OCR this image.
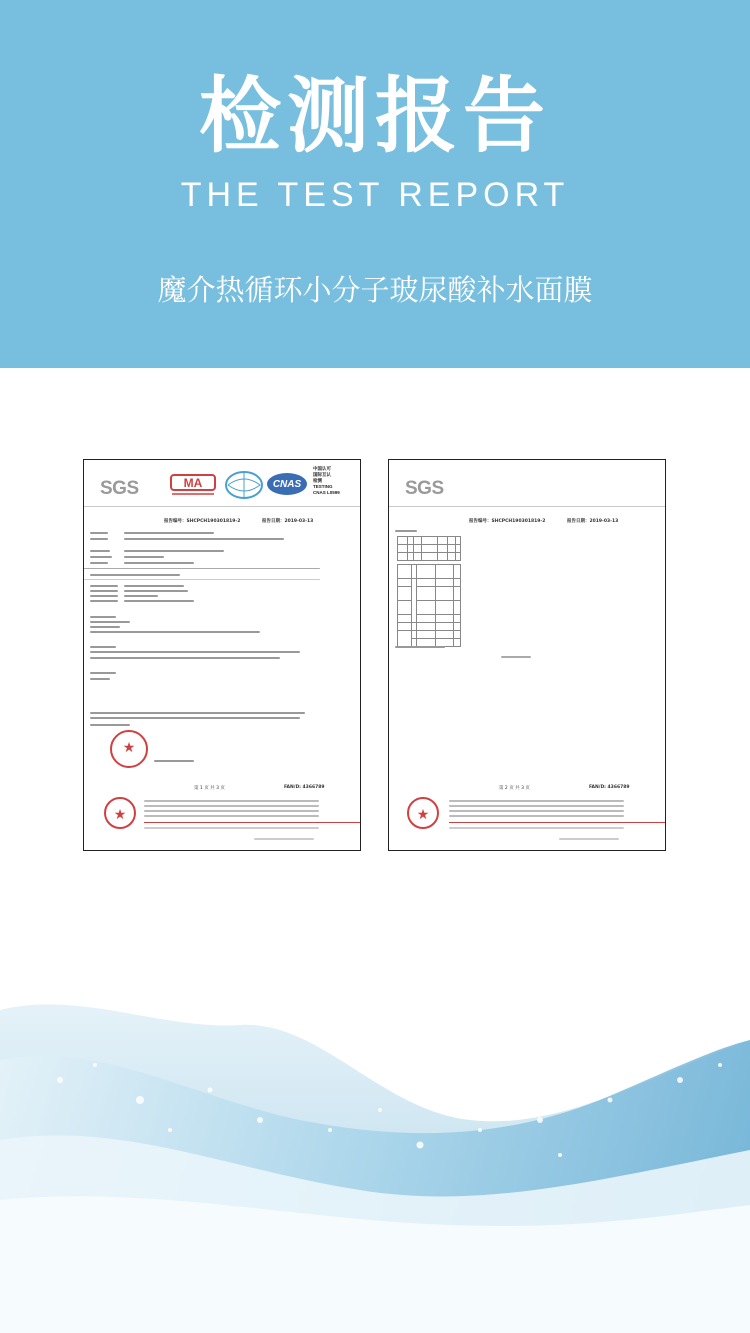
检测报告
THE TEST REPORT
魔介热循环小分子玻尿酸补水面膜
SGS	MA	CNAS
中国认可
国际互认
检测
TESTING
CNAS L0599
报告编号：SHCPCH190301819-2	报告日期：2019-03-13
★
第 1 页 共 3 页	FAN/D: 4366789
★
SGS
报告编号：SHCPCH190301819-2	报告日期：2019-03-13

第 2 页 共 3 页	FAN/D: 4366789
★
